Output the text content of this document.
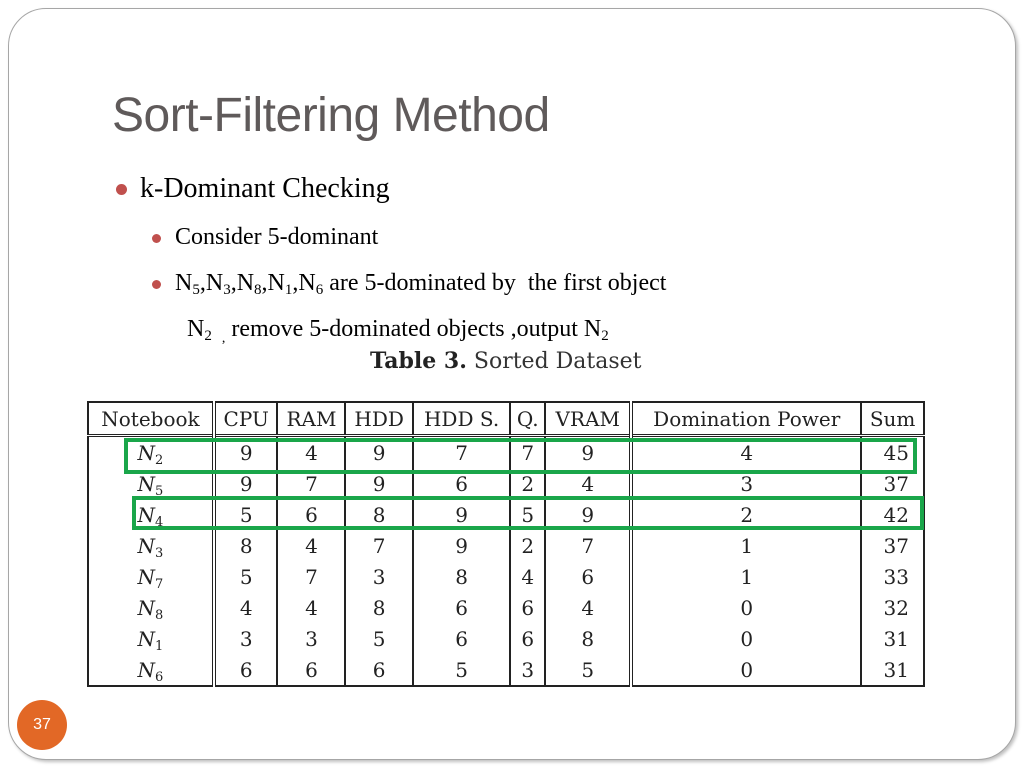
Sort-Filtering Method
k-Dominant Checking
Consider 5-dominant
$N_5,N_3,N_8,N_1,N_6$ are 5-dominated by  the first object
$N_2$ $_,$ remove 5-dominated objects ,output $N_2$
Table 3. Sorted Dataset
Notebook	CPU	RAM	HDD	HDD S.	Q.	VRAM	Domination Power	Sum
$N_2$	9	4	9	7	7	9	4	45
$N_5$	9	7	9	6	2	4	3	37
$N_4$	5	6	8	9	5	9	2	42
$N_3$	8	4	7	9	2	7	1	37
$N_7$	5	7	3	8	4	6	1	33
$N_8$	4	4	8	6	6	4	0	32
$N_1$	3	3	5	6	6	8	0	31
$N_6$	6	6	6	5	3	5	0	31
37
